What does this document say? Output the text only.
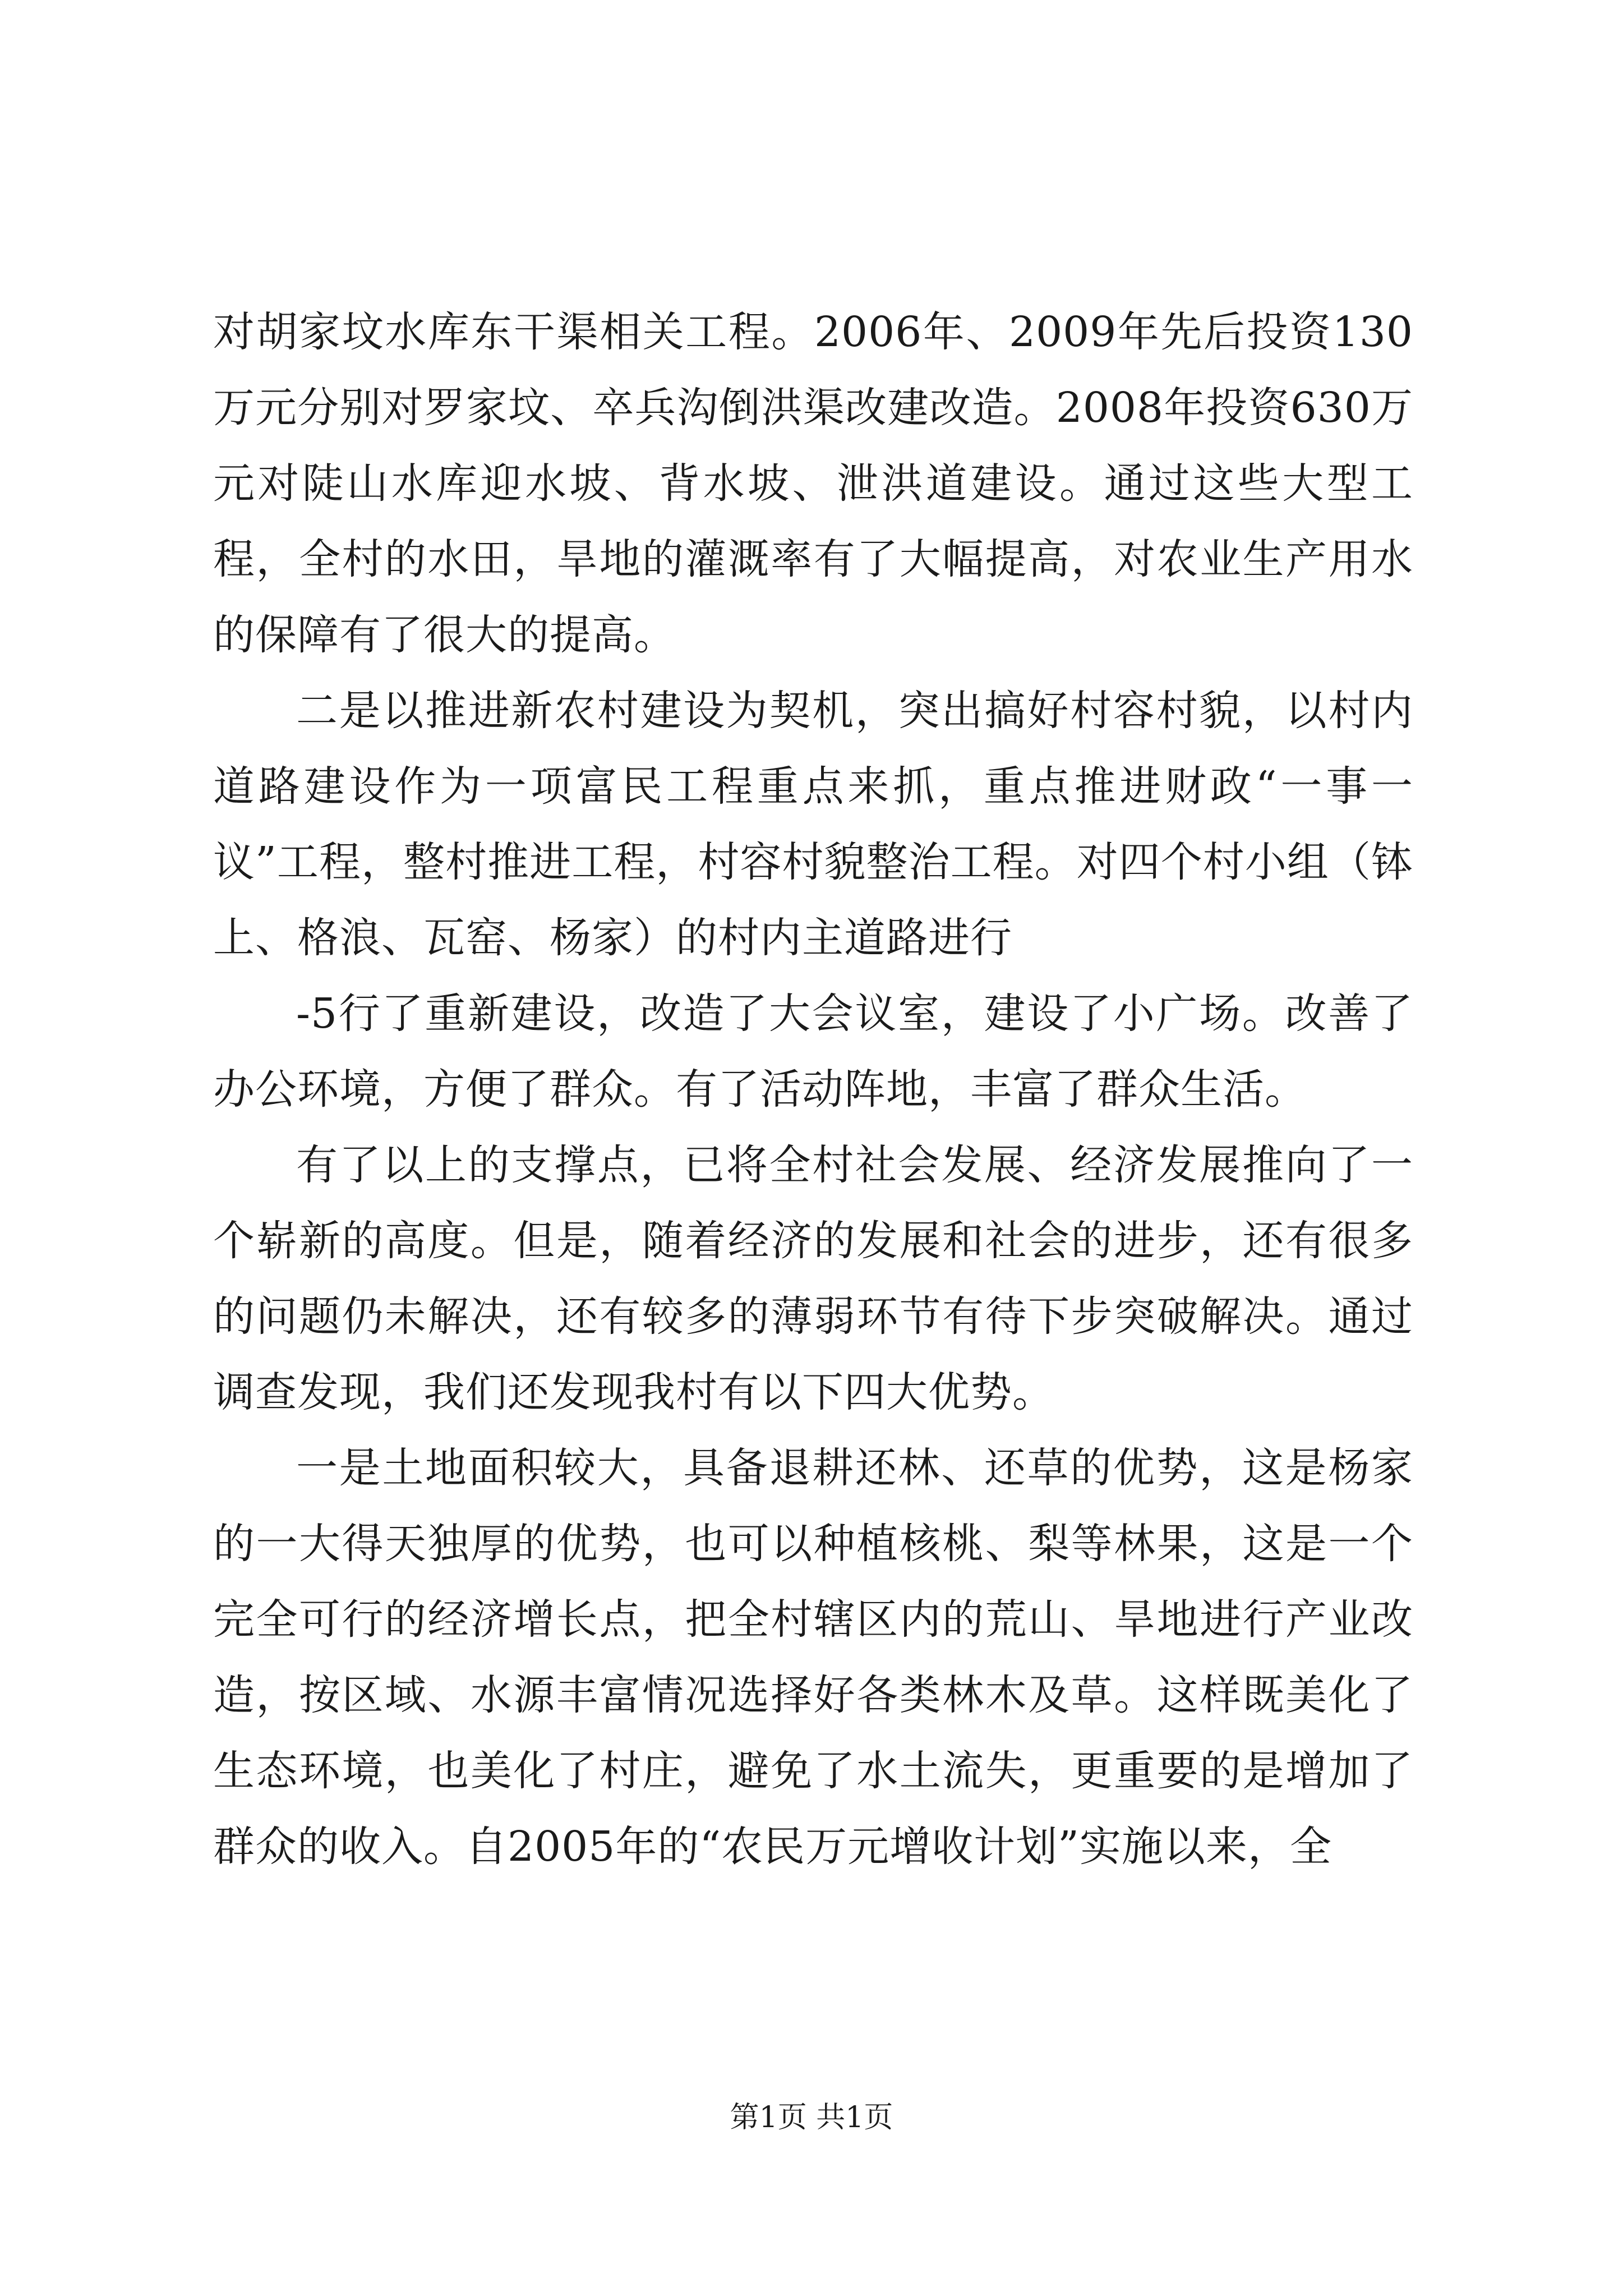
对胡家坟水库东干渠相关工程。2006年、2009年先后投资130万元分别对罗家坟、卒兵沟倒洪渠改建改造。2008年投资630万元对陡山水库迎水坡、背水坡、泄洪道建设。通过这些大型工程，全村的水田，旱地的灌溉率有了大幅提高，对农业生产用水的保障有了很大的提高。

二是以推进新农村建设为契机，突出搞好村容村貌，以村内道路建设作为一项富民工程重点来抓，重点推进财政“一事一议”工程，整村推进工程，村容村貌整治工程。对四个村小组（钵上、格浪、瓦窑、杨家）的村内主道路进行

-5行了重新建设，改造了大会议室，建设了小广场。改善了办公环境，方便了群众。有了活动阵地，丰富了群众生活。

有了以上的支撑点，已将全村社会发展、经济发展推向了一个崭新的高度。但是，随着经济的发展和社会的进步，还有很多的问题仍未解决，还有较多的薄弱环节有待下步突破解决。通过调查发现，我们还发现我村有以下四大优势。

一是土地面积较大，具备退耕还林、还草的优势，这是杨家的一大得天独厚的优势，也可以种植核桃、梨等林果，这是一个完全可行的经济增长点，把全村辖区内的荒山、旱地进行产业改造，按区域、水源丰富情况选择好各类林木及草。这样既美化了生态环境，也美化了村庄，避免了水土流失，更重要的是增加了群众的收入。自2005年的“农民万元增收计划”实施以来，全

第1页 共1页
